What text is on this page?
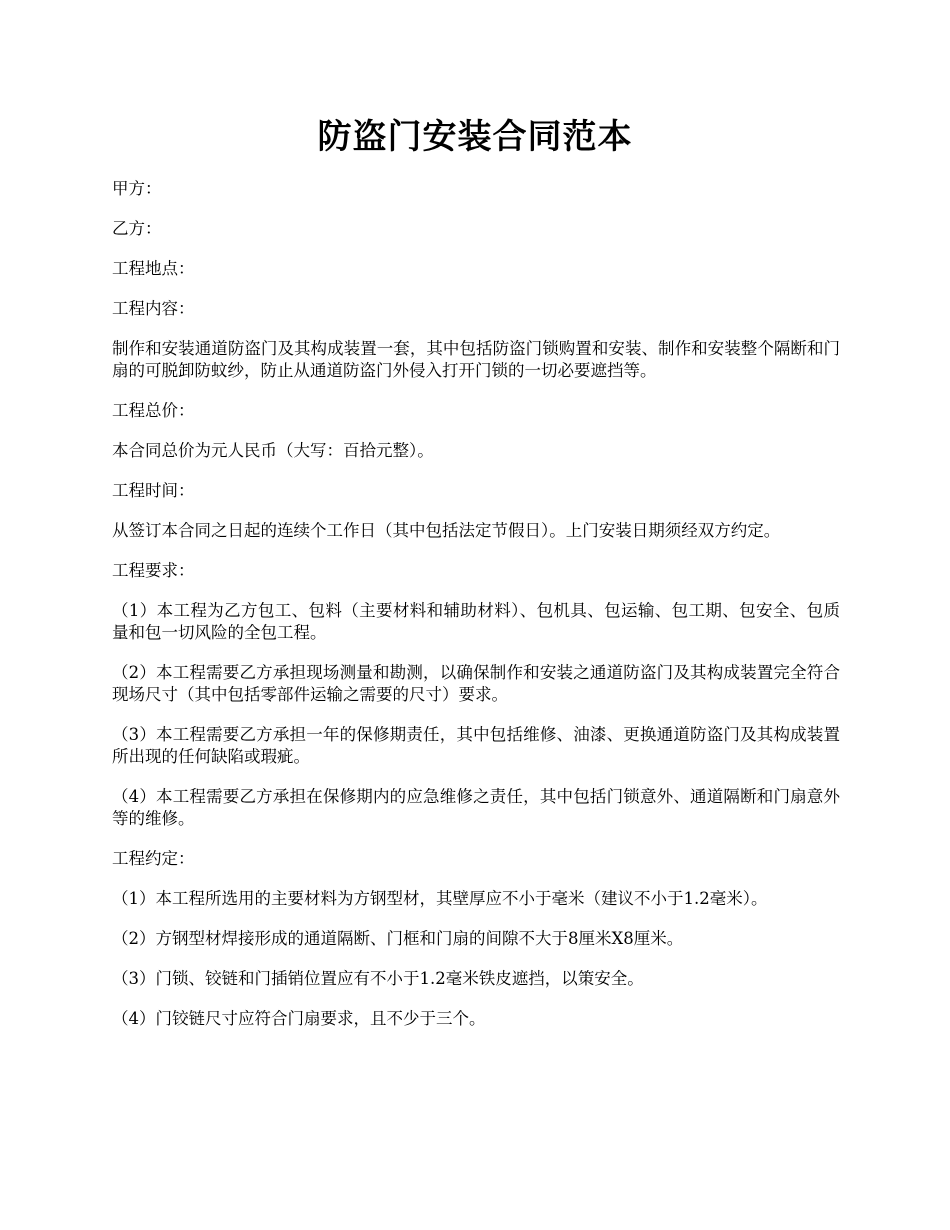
防盗门安装合同范本

甲方：

乙方：

工程地点：

工程内容：

制作和安装通道防盗门及其构成装置一套，其中包括防盗门锁购置和安装、制作和安装整个隔断和门扇的可脱卸防蚊纱，防止从通道防盗门外侵入打开门锁的一切必要遮挡等。

工程总价：

本合同总价为元人民币（大写：百拾元整）。

工程时间：

从签订本合同之日起的连续个工作日（其中包括法定节假日）。上门安装日期须经双方约定。

工程要求：

（1）本工程为乙方包工、包料（主要材料和辅助材料）、包机具、包运输、包工期、包安全、包质量和包一切风险的全包工程。

（2）本工程需要乙方承担现场测量和勘测，以确保制作和安装之通道防盗门及其构成装置完全符合现场尺寸（其中包括零部件运输之需要的尺寸）要求。

（3）本工程需要乙方承担一年的保修期责任，其中包括维修、油漆、更换通道防盗门及其构成装置所出现的任何缺陷或瑕疵。

（4）本工程需要乙方承担在保修期内的应急维修之责任，其中包括门锁意外、通道隔断和门扇意外等的维修。

工程约定：

（1）本工程所选用的主要材料为方钢型材，其壁厚应不小于毫米（建议不小于1.2毫米）。

（2）方钢型材焊接形成的通道隔断、门框和门扇的间隙不大于8厘米X8厘米。

（3）门锁、铰链和门插销位置应有不小于1.2毫米铁皮遮挡，以策安全。

（4）门铰链尺寸应符合门扇要求，且不少于三个。
